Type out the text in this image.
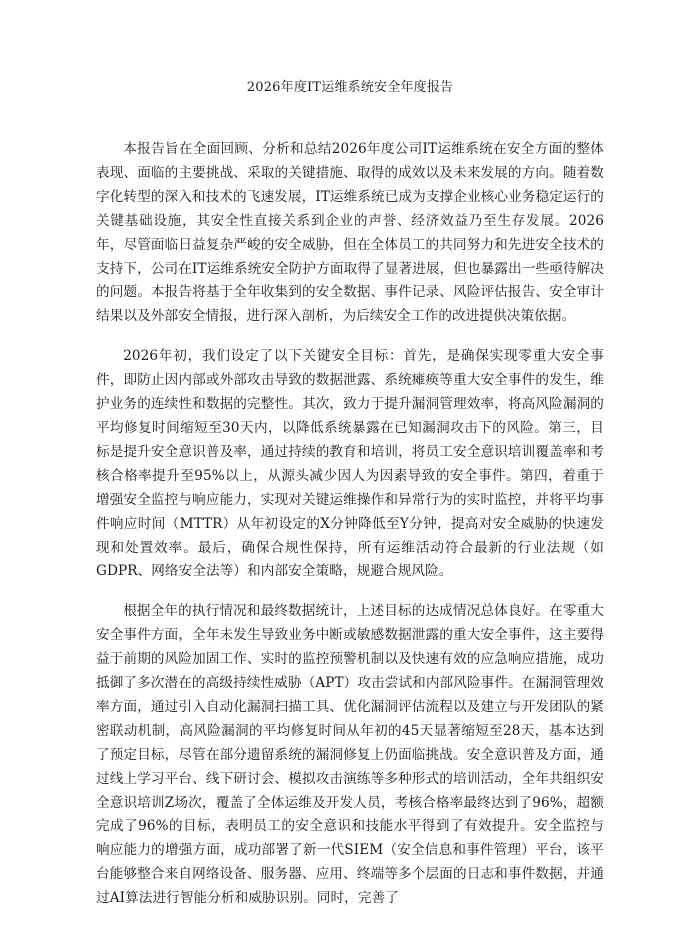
2026年度IT运维系统安全年度报告

本报告旨在全面回顾、分析和总结2026年度公司IT运维系统在安全方面的整体表现、面临的主要挑战、采取的关键措施、取得的成效以及未来发展的方向。随着数字化转型的深入和技术的飞速发展，IT运维系统已成为支撑企业核心业务稳定运行的关键基础设施，其安全性直接关系到企业的声誉、经济效益乃至生存发展。2026年，尽管面临日益复杂严峻的安全威胁，但在全体员工的共同努力和先进安全技术的支持下，公司在IT运维系统安全防护方面取得了显著进展，但也暴露出一些亟待解决的问题。本报告将基于全年收集到的安全数据、事件记录、风险评估报告、安全审计结果以及外部安全情报，进行深入剖析，为后续安全工作的改进提供决策依据。

2026年初，我们设定了以下关键安全目标：首先，是确保实现零重大安全事件，即防止因内部或外部攻击导致的数据泄露、系统瘫痪等重大安全事件的发生，维护业务的连续性和数据的完整性。其次，致力于提升漏洞管理效率，将高风险漏洞的平均修复时间缩短至30天内，以降低系统暴露在已知漏洞攻击下的风险。第三，目标是提升安全意识普及率，通过持续的教育和培训，将员工安全意识培训覆盖率和考核合格率提升至95%以上，从源头减少因人为因素导致的安全事件。第四，着重于增强安全监控与响应能力，实现对关键运维操作和异常行为的实时监控，并将平均事件响应时间（MTTR）从年初设定的X分钟降低至Y分钟，提高对安全威胁的快速发现和处置效率。最后，确保合规性保持，所有运维活动符合最新的行业法规（如GDPR、网络安全法等）和内部安全策略，规避合规风险。

根据全年的执行情况和最终数据统计，上述目标的达成情况总体良好。在零重大安全事件方面，全年未发生导致业务中断或敏感数据泄露的重大安全事件，这主要得益于前期的风险加固工作、实时的监控预警机制以及快速有效的应急响应措施，成功抵御了多次潜在的高级持续性威胁（APT）攻击尝试和内部风险事件。在漏洞管理效率方面，通过引入自动化漏洞扫描工具、优化漏洞评估流程以及建立与开发团队的紧密联动机制，高风险漏洞的平均修复时间从年初的45天显著缩短至28天，基本达到了预定目标，尽管在部分遗留系统的漏洞修复上仍面临挑战。安全意识普及方面，通过线上学习平台、线下研讨会、模拟攻击演练等多种形式的培训活动，全年共组织安全意识培训Z场次，覆盖了全体运维及开发人员，考核合格率最终达到了96%，超额完成了96%的目标，表明员工的安全意识和技能水平得到了有效提升。安全监控与响应能力的增强方面，成功部署了新一代SIEM（安全信息和事件管理）平台，该平台能够整合来自网络设备、服务器、应用、终端等多个层面的日志和事件数据，并通过AI算法进行智能分析和威胁识别。同时，完善了
